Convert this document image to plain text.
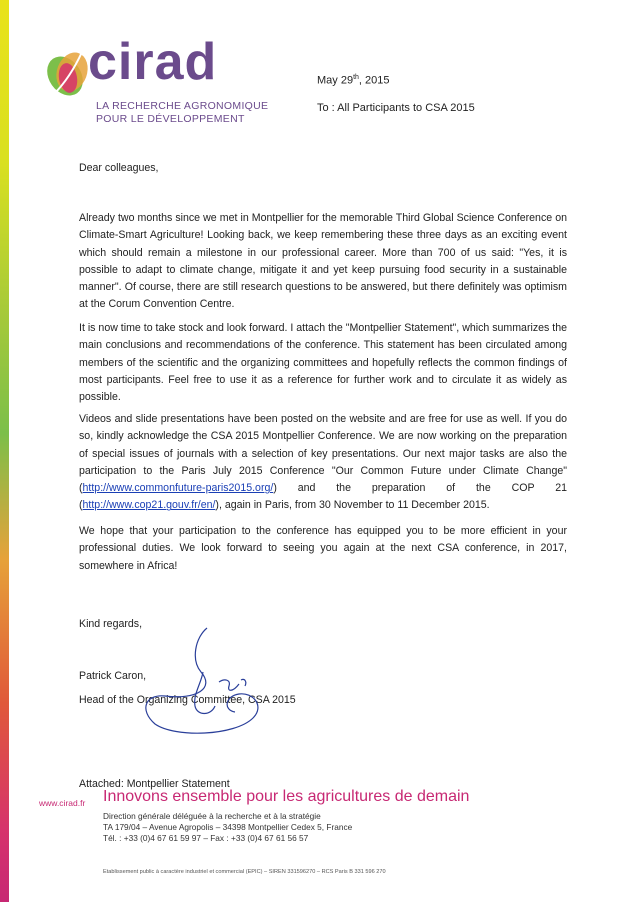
cirad
LA RECHERCHE AGRONOMIQUE
POUR LE DÉVELOPPEMENT
May 29th, 2015
To : All Participants to CSA 2015

Dear colleagues,

Already two months since we met in Montpellier for the memorable Third Global Science Conference on Climate-Smart Agriculture! Looking back, we keep remembering these three days as an exciting event which should remain a milestone in our professional career. More than 700 of us said: "Yes, it is possible to adapt to climate change, mitigate it and yet keep pursuing food security in a sustainable manner". Of course, there are still research questions to be answered, but there definitely was optimism at the Corum Convention Centre.

It is now time to take stock and look forward. I attach the "Montpellier Statement", which summarizes the main conclusions and recommendations of the conference. This statement has been circulated among members of the scientific and the organizing committees and hopefully reflects the common findings of most participants. Feel free to use it as a reference for further work and to circulate it as widely as possible.

Videos and slide presentations have been posted on the website and are free for use as well. If you do so, kindly acknowledge the CSA 2015 Montpellier Conference. We are now working on the preparation of special issues of journals with a selection of key presentations. Our next major tasks are also the participation to the Paris July 2015 Conference "Our Common Future under Climate Change" (http://www.commonfuture-paris2015.org/) and the preparation of the COP 21 (http://www.cop21.gouv.fr/en/), again in Paris, from 30 November to 11 December 2015.

We hope that your participation to the conference has equipped you to be more efficient in your professional duties. We look forward to seeing you again at the next CSA conference, in 2017, somewhere in Africa!

Kind regards,

Patrick Caron,

Head of the Organizing Committee, CSA 2015

Attached: Montpellier Statement

www.cirad.fr Innovons ensemble pour les agricultures de demain
Direction générale déléguée à la recherche et à la stratégie
TA 179/04 – Avenue Agropolis – 34398 Montpellier Cedex 5, France
Tél. : +33 (0)4 67 61 59 97 – Fax : +33 (0)4 67 61 56 57
Etablissement public à caractère industriel et commercial (EPIC) – SIREN 331596270 – RCS Paris B 331 596 270
